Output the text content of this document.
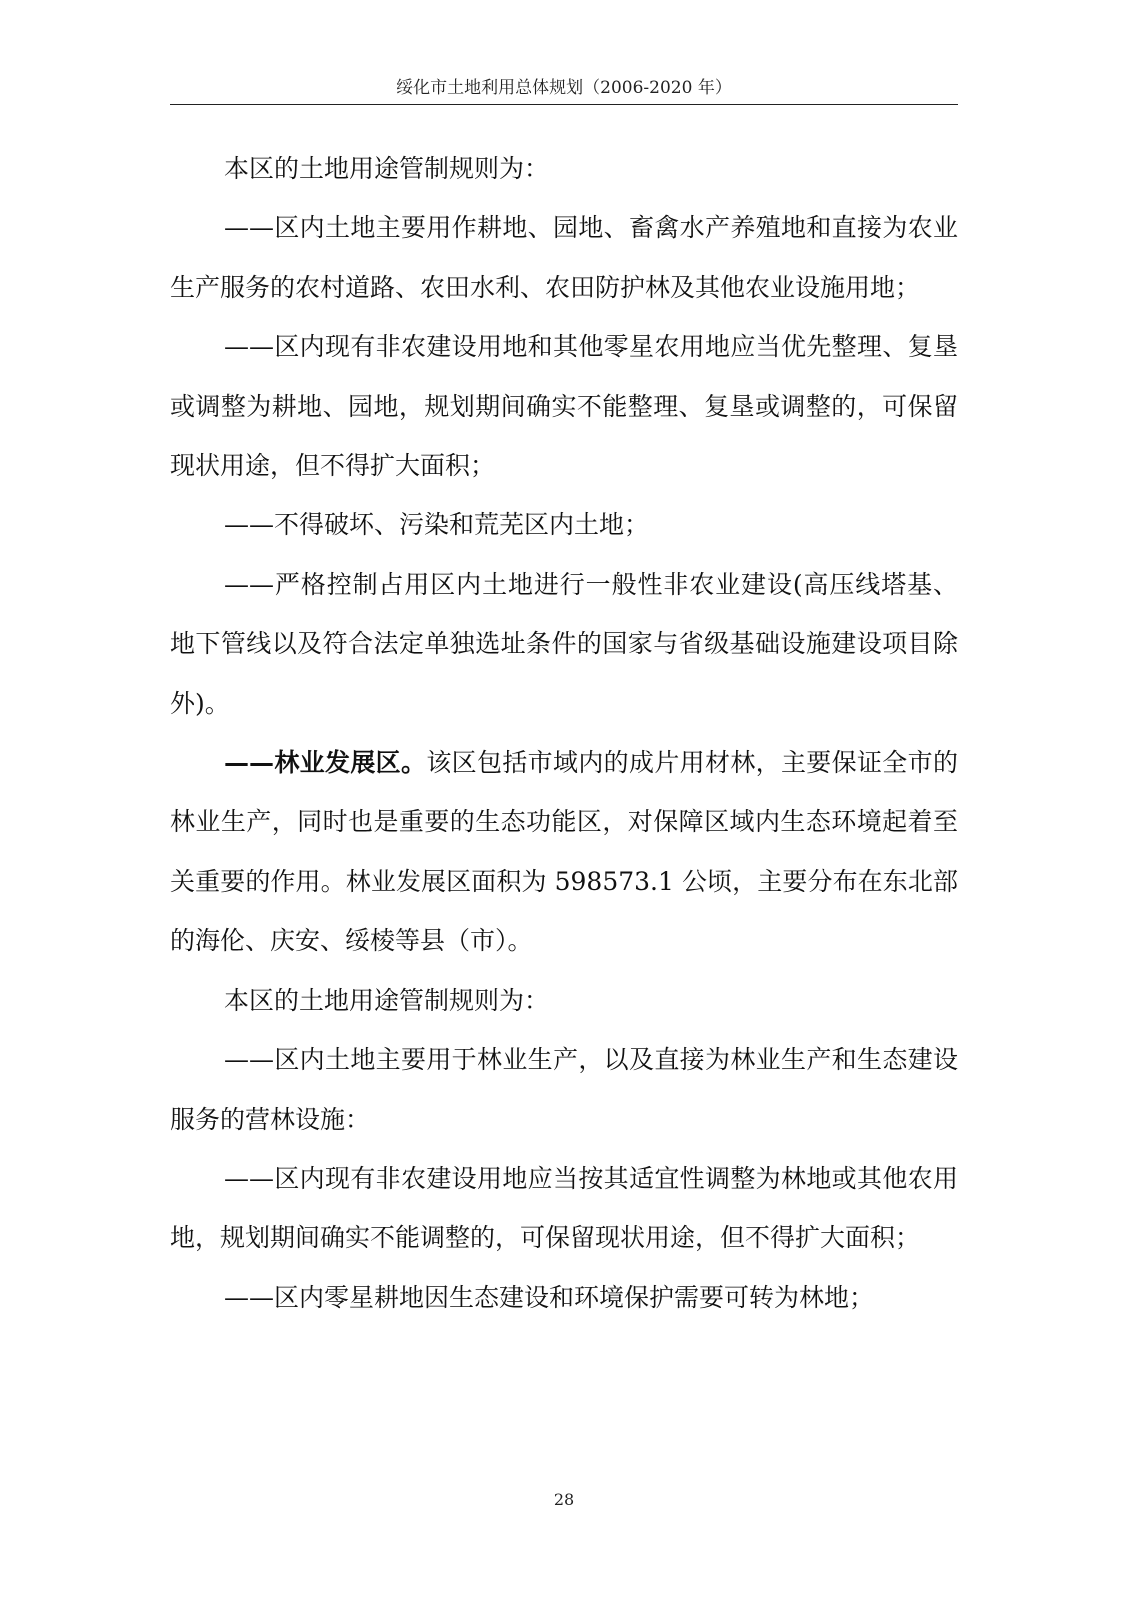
绥化市土地利用总体规划（2006-2020 年）

本区的土地用途管制规则为：

——区内土地主要用作耕地、园地、畜禽水产养殖地和直接为农业生产服务的农村道路、农田水利、农田防护林及其他农业设施用地；

——区内现有非农建设用地和其他零星农用地应当优先整理、复垦或调整为耕地、园地，规划期间确实不能整理、复垦或调整的，可保留现状用途，但不得扩大面积；

——不得破坏、污染和荒芜区内土地；

——严格控制占用区内土地进行一般性非农业建设(高压线塔基、地下管线以及符合法定单独选址条件的国家与省级基础设施建设项目除外)。

——林业发展区。该区包括市域内的成片用材林，主要保证全市的林业生产，同时也是重要的生态功能区，对保障区域内生态环境起着至关重要的作用。林业发展区面积为 598573.1 公顷，主要分布在东北部的海伦、庆安、绥棱等县（市）。

本区的土地用途管制规则为：

——区内土地主要用于林业生产，以及直接为林业生产和生态建设服务的营林设施：

——区内现有非农建设用地应当按其适宜性调整为林地或其他农用地，规划期间确实不能调整的，可保留现状用途，但不得扩大面积；

——区内零星耕地因生态建设和环境保护需要可转为林地；

28
